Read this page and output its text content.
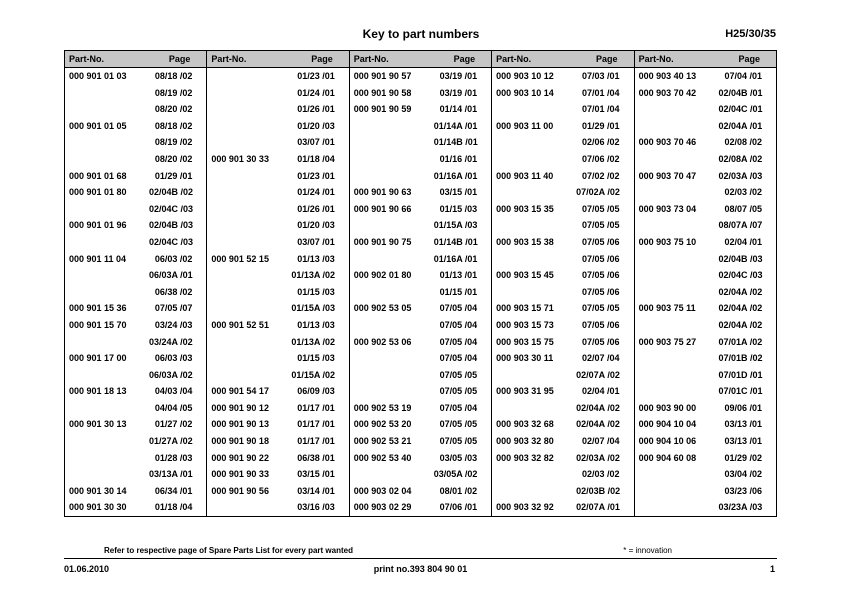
Key to part numbers	H25/30/35
Part-No.	Page	Part-No.	Page	Part-No.	Page	Part-No.	Page	Part-No.	Page
000 901 01 03	08/18 /02		01/23 /01	000 901 90 57	03/19 /01	000 903 10 12	07/03 /01	000 903 40 13	07/04 /01
	08/19 /02		01/24 /01	000 901 90 58	03/19 /01	000 903 10 14	07/01 /04	000 903 70 42	02/04B /01
	08/20 /02		01/26 /01	000 901 90 59	01/14 /01		07/01 /04		02/04C /01
000 901 01 05	08/18 /02		01/20 /03		01/14A /01	000 903 11 00	01/29 /01		02/04A /01
	08/19 /02		03/07 /01		01/14B /01		02/06 /02	000 903 70 46	02/08 /02
	08/20 /02	000 901 30 33	01/18 /04		01/16 /01		07/06 /02		02/08A /02
000 901 01 68	01/29 /01		01/23 /01		01/16A /01	000 903 11 40	07/02 /02	000 903 70 47	02/03A /03
000 901 01 80	02/04B /02		01/24 /01	000 901 90 63	03/15 /01		07/02A /02		02/03 /02
	02/04C /03		01/26 /01	000 901 90 66	01/15 /03	000 903 15 35	07/05 /05	000 903 73 04	08/07 /05
000 901 01 96	02/04B /03		01/20 /03		01/15A /03		07/05 /05		08/07A /07
	02/04C /03		03/07 /01	000 901 90 75	01/14B /01	000 903 15 38	07/05 /06	000 903 75 10	02/04 /01
000 901 11 04	06/03 /02	000 901 52 15	01/13 /03		01/16A /01		07/05 /06		02/04B /03
	06/03A /01		01/13A /02	000 902 01 80	01/13 /01	000 903 15 45	07/05 /06		02/04C /03
	06/38 /02		01/15 /03		01/15 /01		07/05 /06		02/04A /02
000 901 15 36	07/05 /07		01/15A /03	000 902 53 05	07/05 /04	000 903 15 71	07/05 /05	000 903 75 11	02/04A /02
000 901 15 70	03/24 /03	000 901 52 51	01/13 /03		07/05 /04	000 903 15 73	07/05 /06		02/04A /02
	03/24A /02		01/13A /02	000 902 53 06	07/05 /04	000 903 15 75	07/05 /06	000 903 75 27	07/01A /02
000 901 17 00	06/03 /03		01/15 /03		07/05 /04	000 903 30 11	02/07 /04		07/01B /02
	06/03A /02		01/15A /02		07/05 /05		02/07A /02		07/01D /01
000 901 18 13	04/03 /04	000 901 54 17	06/09 /03		07/05 /05	000 903 31 95	02/04 /01		07/01C /01
	04/04 /05	000 901 90 12	01/17 /01	000 902 53 19	07/05 /04		02/04A /02	000 903 90 00	09/06 /01
000 901 30 13	01/27 /02	000 901 90 13	01/17 /01	000 902 53 20	07/05 /05	000 903 32 68	02/04A /02	000 904 10 04	03/13 /01
	01/27A /02	000 901 90 18	01/17 /01	000 902 53 21	07/05 /05	000 903 32 80	02/07 /04	000 904 10 06	03/13 /01
	01/28 /03	000 901 90 22	06/38 /01	000 902 53 40	03/05 /03	000 903 32 82	02/03A /02	000 904 60 08	01/29 /02
	03/13A /01	000 901 90 33	03/15 /01		03/05A /02		02/03 /02		03/04 /02
000 901 30 14	06/34 /01	000 901 90 56	03/14 /01	000 903 02 04	08/01 /02		02/03B /02		03/23 /06
000 901 30 30	01/18 /04		03/16 /03	000 903 02 29	07/06 /01	000 903 32 92	02/07A /01		03/23A /03
Refer to respective page of Spare Parts List for every part wanted	* = innovation
01.06.2010	print no.393 804 90 01	1
